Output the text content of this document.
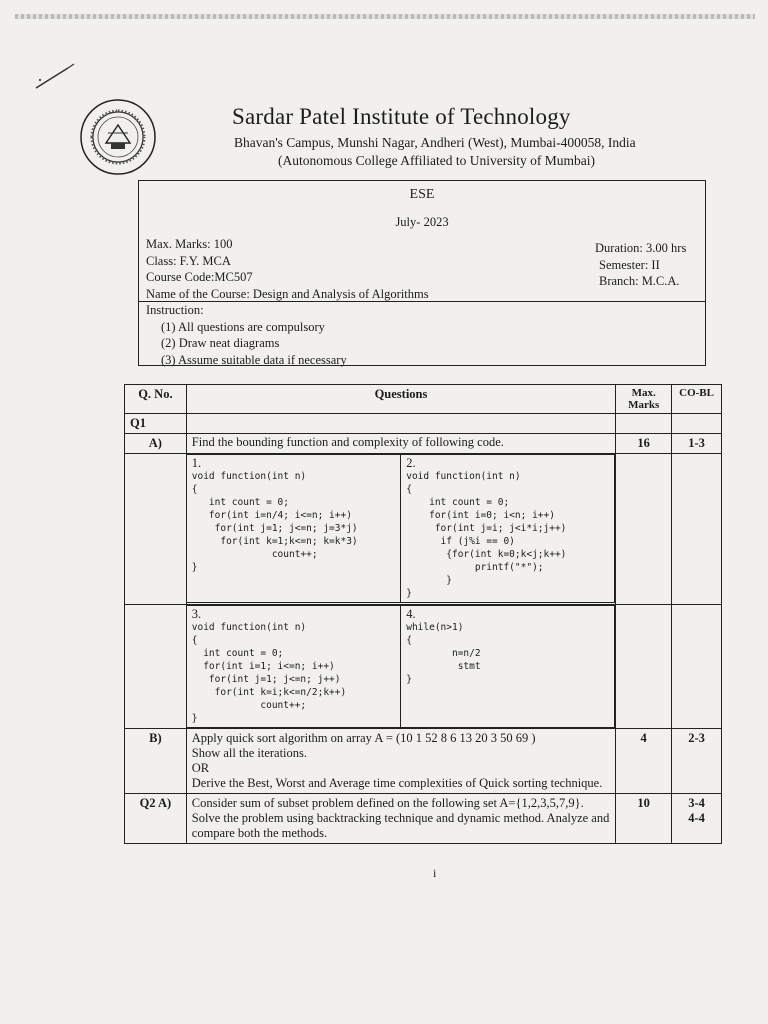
Sardar Patel Institute of Technology
Bhavan's Campus, Munshi Nagar, Andheri (West), Mumbai-400058, India
(Autonomous College Affiliated to University of Mumbai)
ESE
July- 2023
Max. Marks: 100
Class: F.Y. MCA
Course Code:MC507
Name of the Course: Design and Analysis of Algorithms
Duration: 3.00 hrs
Semester: II
Branch: M.C.A.
Instruction:
(1) All questions are compulsory
(2) Draw neat diagrams
(3) Assume suitable data if necessary
Q. No.	Questions	Max. Marks	CO-BL
Q1			
A)	Find the bounding function and complexity of following code.	16	1-3

1.
void function(int n)
{
int count = 0;
for(int i=n/4; i<=n; i++)
for(int j=1; j<=n; j=3*j)
for(int k=1;k<=n; k=k*3)
count++;
}

2.
void function(int n)
{
int count = 0;
for(int i=0; i<n; i++)
for(int j=i; j<i*i;j++)
if (j%i == 0)
{for(int k=0;k<j;k++)
printf("*");
}
}

3.
void function(int n)
{
int count = 0;
for(int i=1; i<=n; i++)
for(int j=1; j<=n; j++)
for(int k=i;k<=n/2;k++)
count++;
}

4.
while(n>1)
{
n=n/2
stmt
}

B)	Apply quick sort algorithm on array A = (10 1 52 8 6 13 20 3 50 69 )
Show all the iterations.
OR
Derive the Best, Worst and Average time complexities of Quick sorting technique.
	4	2-3
Q2 A)	Consider sum of subset problem defined on the following set A={1,2,3,5,7,9}. Solve the problem using backtracking technique and dynamic method. Analyze and compare both the methods.	10	3-4
4-4
i
